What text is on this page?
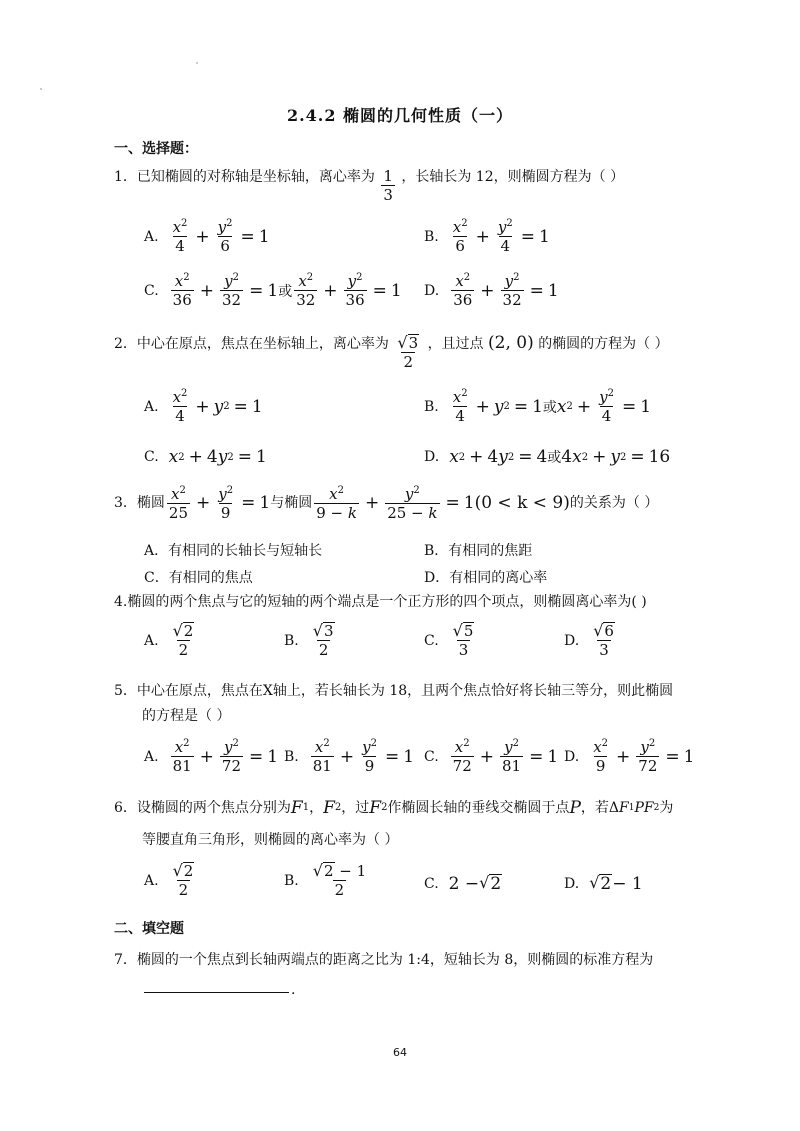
2.4.2 椭圆的几何性质（一）
一、选择题：
1．已知椭圆的对称轴是坐标轴，离心率为 $\frac{1}{3}$ ，长轴长为 12，则椭圆方程为（ ）
A. $\frac{x^2}{4} + \frac{y^2}{6} = 1$	B. $\frac{x^2}{6} + \frac{y^2}{4} = 1$
C. $\frac{x^2}{36} + \frac{y^2}{32} = 1$ 或 $\frac{x^2}{32} + \frac{y^2}{36} = 1$ D. $\frac{x^2}{36} + \frac{y^2}{32} = 1$
2．中心在原点，焦点在坐标轴上，离心率为 $\frac{√ 3}{2}$ ，且过点 (2, 0) 的椭圆的方程为（ ）
A. $\frac{x^2}{4} + y$ 2 = 1	B. $\frac{x^2}{4} + y$ 2 = 1 或 x $2 + \frac{y^2}{4} = 1$
C. x 2 + 4 y 2 = 1	D. x 2 + 4 y 2 = 4 或 4 x 2 + y 2 = 16
3．椭圆 $\frac{x^2}{25} + \frac{y^2}{9} = 1$ 与椭圆 $\frac{x^2}{9 - k} + \frac{y^2}{25 - k} = 1$ (0 < k < 9) 的关系为（ ）
A．有相同的长轴长与短轴长	B．有相同的焦距
C．有相同的焦点	D．有相同的离心率
4.椭圆的两个焦点与它的短轴的两个端点是一个正方形的四个项点，则椭圆离心率为( )
A. $\frac{√ 2}{2}$	B. $\frac{√ 3}{2}$	C. $\frac{√ 5}{3}$	D. $\frac{√ 6}{3}$
5．中心在原点，焦点在X轴上，若长轴长为 18，且两个焦点恰好将长轴三等分，则此椭圆
的方程是（ ）
A. $\frac{x^2}{81} + \frac{y^2}{72} = 1$ B. $\frac{x^2}{81} + \frac{y^2}{9} = 1$ C. $\frac{x^2}{72} + \frac{y^2}{81} = 1$ D. $\frac{x^2}{9} + \frac{y^2}{72} = 1$
6．设椭圆的两个焦点分别为 F 1 ， F 2 ，过 F 2 作椭圆长轴的垂线交椭圆于点 P ，若 Δ F 1 PF 2 为
等腰直角三角形，则椭圆的离心率为（ ）
A. $\frac{√ 2}{2}$	B. $\frac{√ 2 - 1}{2}$	C. 2 − √ 2	D. √ 2 − 1
二、填空题
7．椭圆的一个焦点到长轴两端点的距离之比为 1:4，短轴长为 8，则椭圆的标准方程为
.
64
